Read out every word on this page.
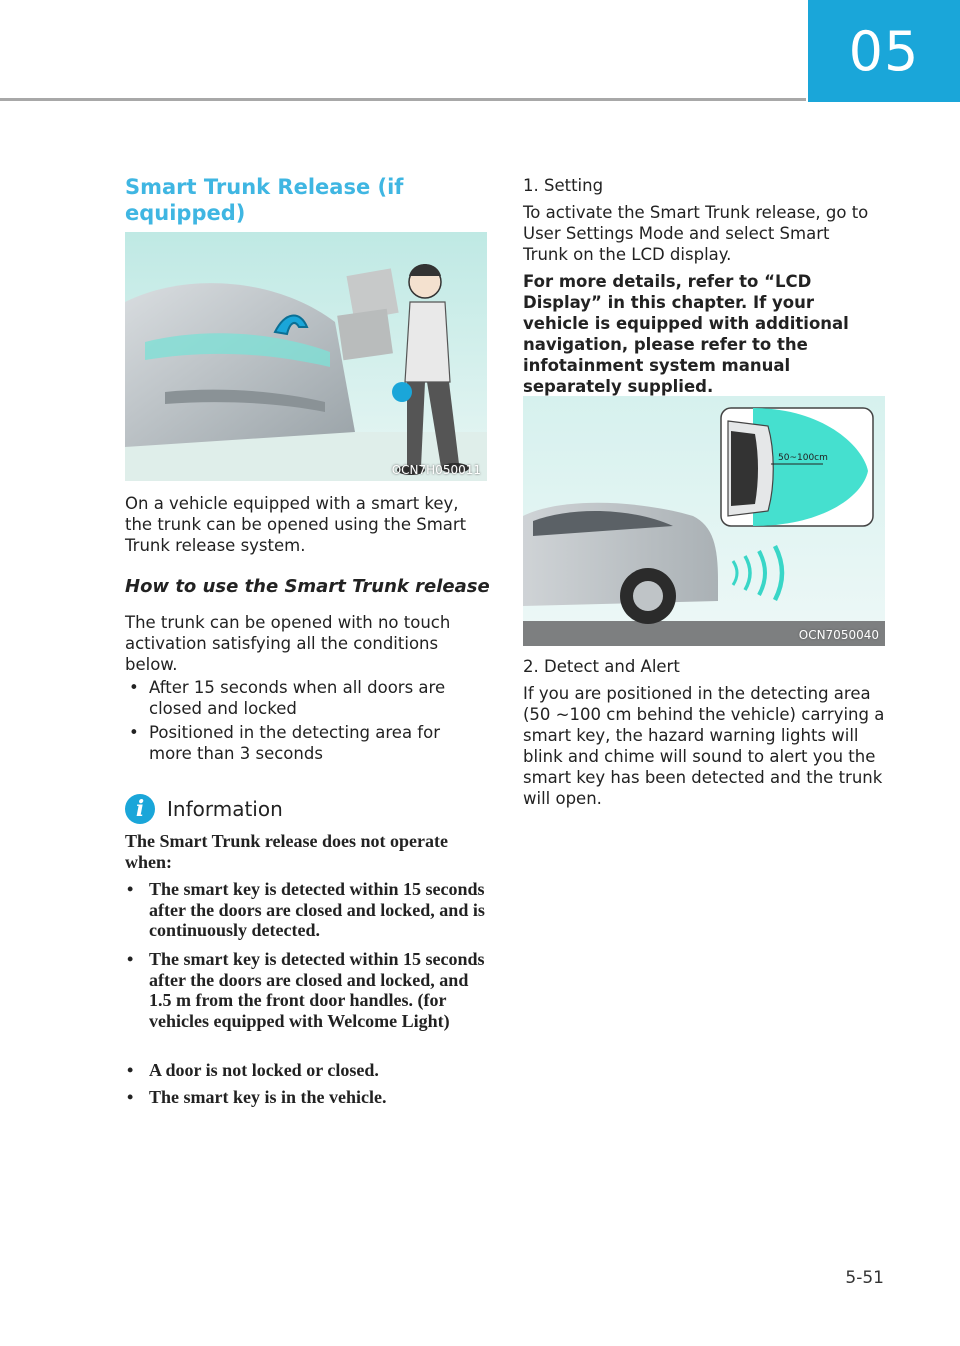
05
Smart Trunk Release (if equipped)
OCN7H050011

On a vehicle equipped with a smart key, the trunk can be opened using the Smart Trunk release system.

How to use the Smart Trunk release

The trunk can be opened with no touch activation satisfying all the conditions below.

• After 15 seconds when all doors are closed and locked
• Positioned in the detecting area for more than 3 seconds
i	Information
The Smart Trunk release does not operate when:
• The smart key is detected within 15 seconds after the doors are closed and locked, and is continuously detected.
• The smart key is detected within 15 seconds after the doors are closed and locked, and 1.5 m from the front door handles. (for vehicles equipped with Welcome Light)
• A door is not locked or closed.
• The smart key is in the vehicle.

1. Setting

To activate the Smart Trunk release, go to User Settings Mode and select Smart Trunk on the LCD display.

For more details, refer to “LCD Display” in this chapter. If your vehicle is equipped with additional navigation, please refer to the infotainment system manual separately supplied.

50~100cm
OCN7050040

2. Detect and Alert

If you are positioned in the detecting area (50 ~100 cm behind the vehicle) carrying a smart key, the hazard warning lights will blink and chime will sound to alert you the smart key has been detected and the trunk will open.

5-51
